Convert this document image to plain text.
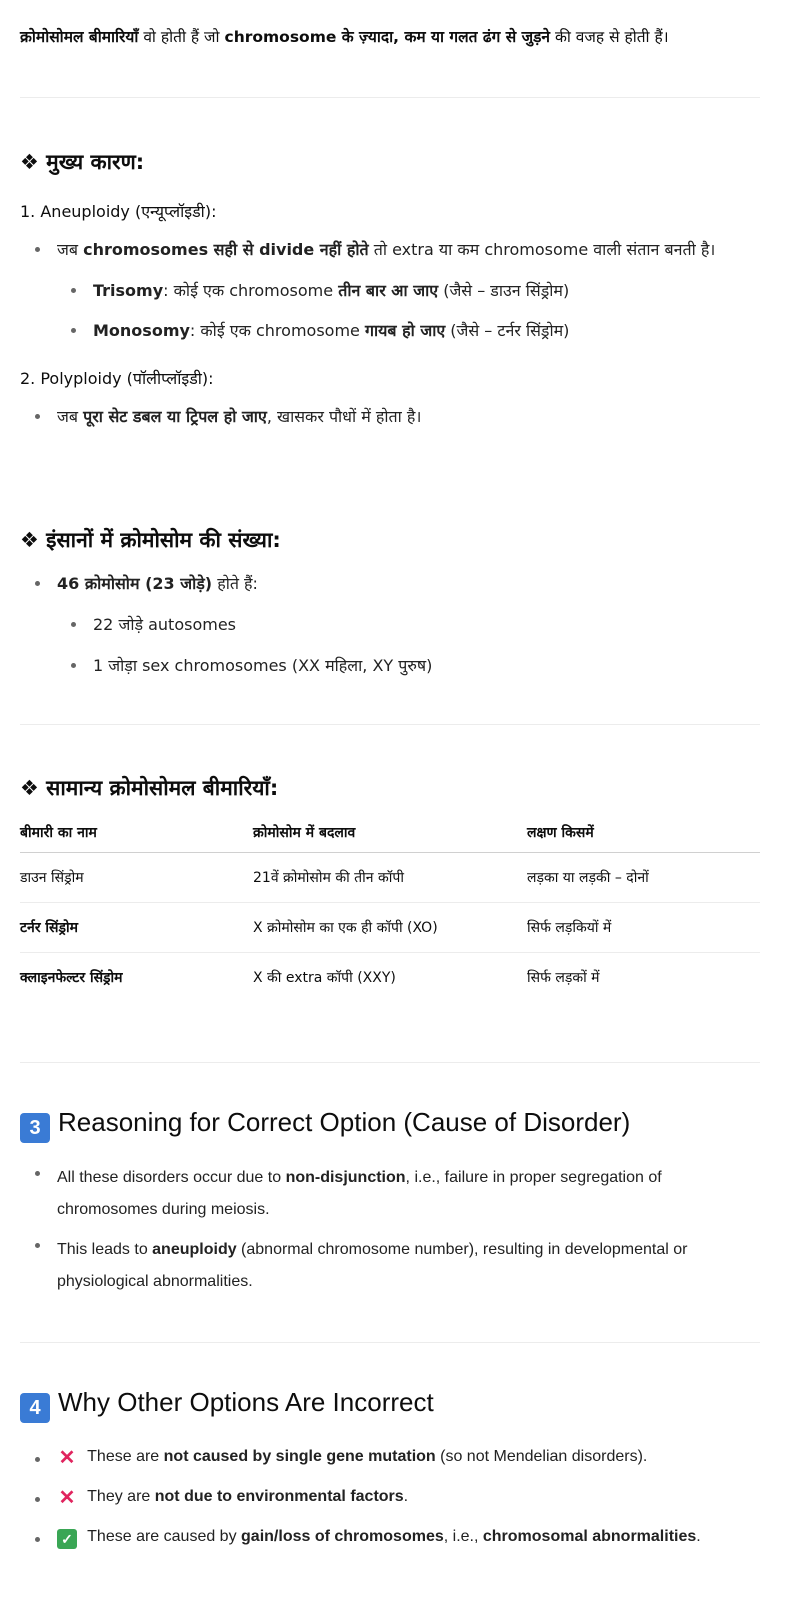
क्रोमोसोमल बीमारियाँ वो होती हैं जो chromosome के ज़्यादा, कम या गलत ढंग से जुड़ने की वजह से होती हैं।
❖ मुख्य कारण:
1. Aneuploidy (एन्यूप्लॉइडी):
जब chromosomes सही से divide नहीं होते तो extra या कम chromosome वाली संतान बनती है।
Trisomy: कोई एक chromosome तीन बार आ जाए (जैसे – डाउन सिंड्रोम)
Monosomy: कोई एक chromosome गायब हो जाए (जैसे – टर्नर सिंड्रोम)
2. Polyploidy (पॉलीप्लॉइडी):
जब पूरा सेट डबल या ट्रिपल हो जाए, खासकर पौधों में होता है।
❖ इंसानों में क्रोमोसोम की संख्या:
46 क्रोमोसोम (23 जोड़े) होते हैं:
22 जोड़े autosomes
1 जोड़ा sex chromosomes (XX महिला, XY पुरुष)
❖ सामान्य क्रोमोसोमल बीमारियाँ:
बीमारी का नाम	क्रोमोसोम में बदलाव	लक्षण किसमें
डाउन सिंड्रोम	21वें क्रोमोसोम की तीन कॉपी	लड़का या लड़की – दोनों
टर्नर सिंड्रोम	X क्रोमोसोम का एक ही कॉपी (XO)	सिर्फ लड़कियों में
क्लाइनफेल्टर सिंड्रोम	X की extra कॉपी (XXY)	सिर्फ लड़कों में
3 Reasoning for Correct Option (Cause of Disorder)
All these disorders occur due to non-disjunction, i.e., failure in proper segregation of chromosomes during meiosis.
This leads to aneuploidy (abnormal chromosome number), resulting in developmental or physiological abnormalities.
4 Why Other Options Are Incorrect
✕ These are not caused by single gene mutation (so not Mendelian disorders).
✕ They are not due to environmental factors.
✓ These are caused by gain/loss of chromosomes, i.e., chromosomal abnormalities.
